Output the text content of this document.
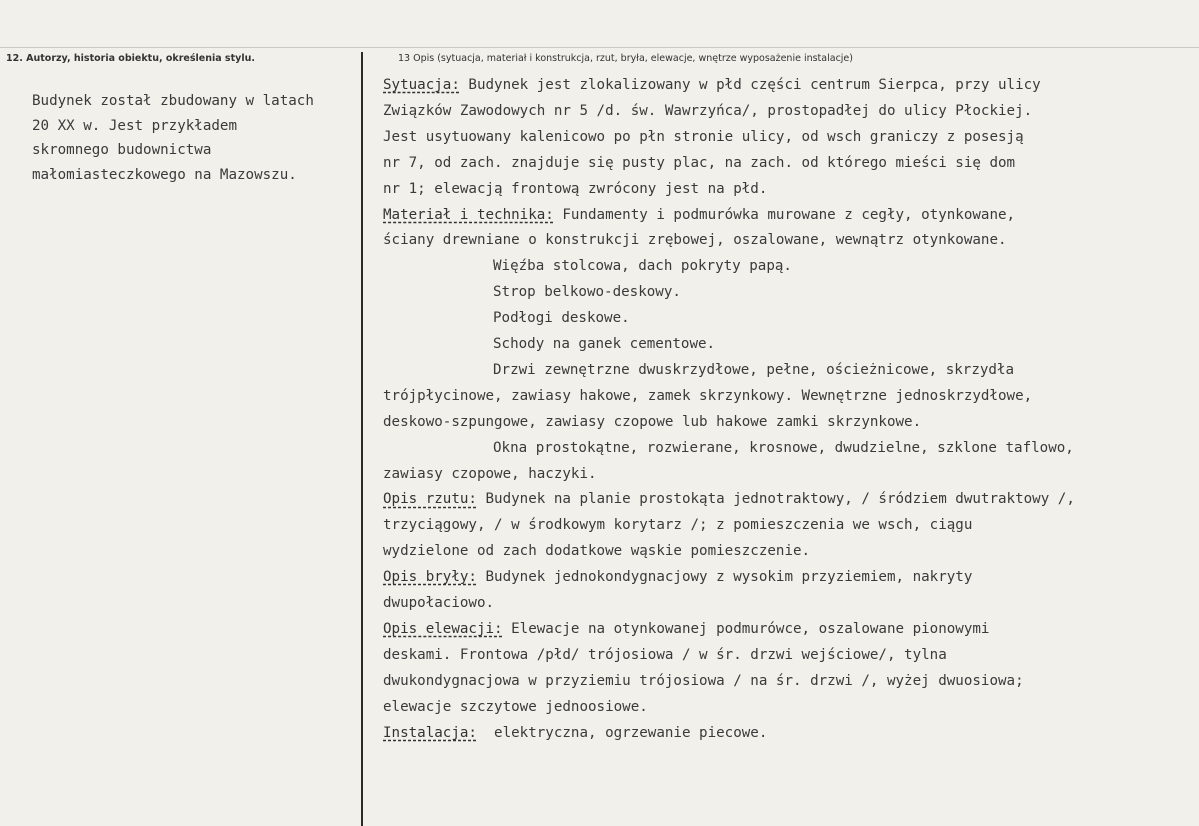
12. Autorzy, historia obiektu, określenia stylu.	13 Opis (sytuacja, materiał i konstrukcja, rzut, bryła, elewacje, wnętrze wyposażenie instalacje)
Budynek został zbudowany w latach
20 XX w. Jest przykładem
skromnego budownictwa
małomiasteczkowego na Mazowszu.
Sytuacja: Budynek jest zlokalizowany w płd części centrum Sierpca, przy ulicy
Związków Zawodowych nr 5 /d. św. Wawrzyńca/, prostopadłej do ulicy Płockiej.
Jest usytuowany kalenicowo po płn stronie ulicy, od wsch graniczy z posesją
nr 7, od zach. znajduje się pusty plac, na zach. od którego mieści się dom
nr 1; elewacją frontową zwrócony jest na płd.
Materiał i technika: Fundamenty i podmurówka murowane z cegły, otynkowane,
ściany drewniane o konstrukcji zrębowej, oszalowane, wewnątrz otynkowane.
Więźba stolcowa, dach pokryty papą.
Strop belkowo-deskowy.
Podłogi deskowe.
Schody na ganek cementowe.
Drzwi zewnętrzne dwuskrzydłowe, pełne, ościeżnicowe, skrzydła
trójpłycinowe, zawiasy hakowe, zamek skrzynkowy. Wewnętrzne jednoskrzydłowe,
deskowo-szpungowe, zawiasy czopowe lub hakowe zamki skrzynkowe.
Okna prostokątne, rozwierane, krosnowe, dwudzielne, szklone taflowo,
zawiasy czopowe, haczyki.
Opis rzutu: Budynek na planie prostokąta jednotraktowy, / śródziem dwutraktowy /,
trzyciągowy, / w środkowym korytarz /; z pomieszczenia we wsch, ciągu
wydzielone od zach dodatkowe wąskie pomieszczenie.
Opis bryły: Budynek jednokondygnacjowy z wysokim przyziemiem, nakryty
dwupołaciowo.
Opis elewacji: Elewacje na otynkowanej podmurówce, oszalowane pionowymi
deskami. Frontowa /płd/ trójosiowa / w śr. drzwi wejściowe/, tylna
dwukondygnacjowa w przyziemiu trójosiowa / na śr. drzwi /, wyżej dwuosiowa;
elewacje szczytowe jednoosiowe.
Instalacja:  elektryczna, ogrzewanie piecowe.
